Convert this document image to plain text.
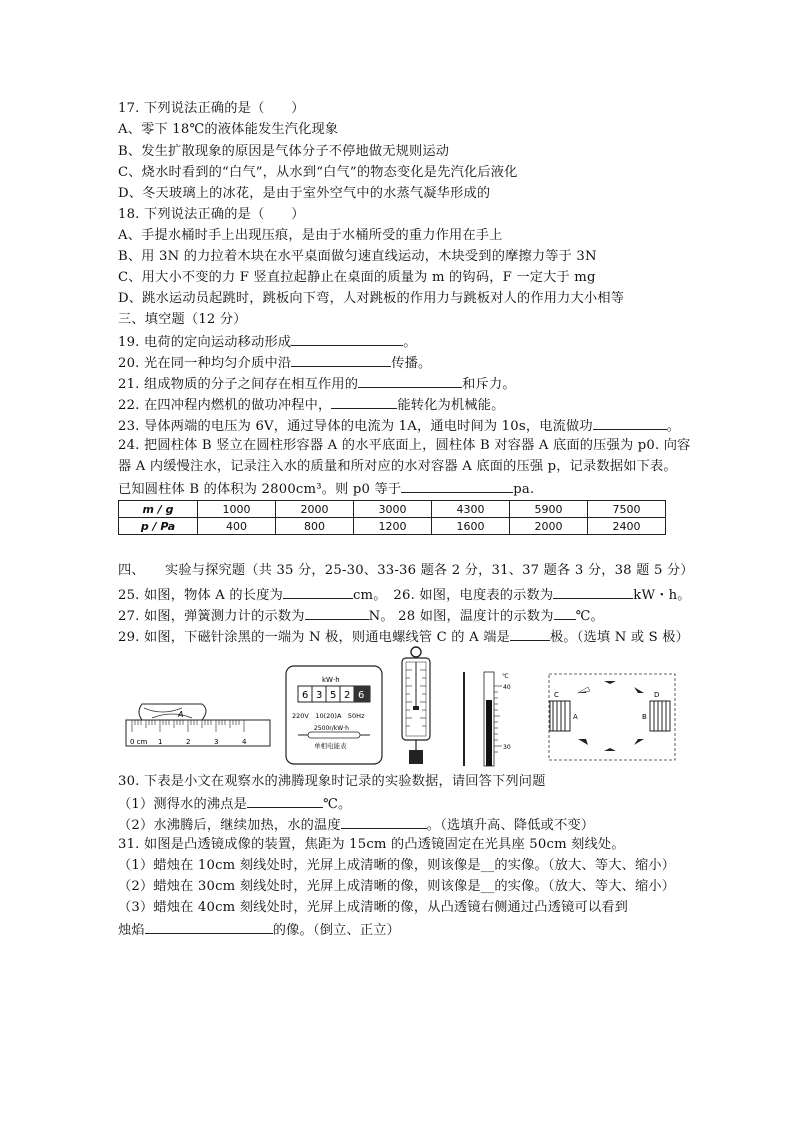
17. 下列说法正确的是（　　）
A、零下 18℃的液体能发生汽化现象
B、发生扩散现象的原因是气体分子不停地做无规则运动
C、烧水时看到的“白气”，从水到“白气”的物态变化是先汽化后液化
D、冬天玻璃上的冰花，是由于室外空气中的水蒸气凝华形成的
18. 下列说法正确的是（　　）
A、手提水桶时手上出现压痕，是由于水桶所受的重力作用在手上
B、用 3N 的力拉着木块在水平桌面做匀速直线运动，木块受到的摩擦力等于 3N
C、用大小不变的力 F 竖直拉起静止在桌面的质量为 m 的钩码，F 一定大于 mg
D、跳水运动员起跳时，跳板向下弯，人对跳板的作用力与跳板对人的作用力大小相等
三、填空题（12 分）
19. 电荷的定向运动移动形成	。
20. 光在同一种均匀介质中沿	传播。
21. 组成物质的分子之间存在相互作用的	和斥力。
22. 在四冲程内燃机的做功冲程中，	能转化为机械能。
23. 导体两端的电压为 6V，通过导体的电流为 1A，通电时间为 10s，电流做功	。
24. 把圆柱体 B 竖立在圆柱形容器 A 的水平底面上，圆柱体 B 对容器 A 底面的压强为 p0. 向容
器 A 内缓慢注水，记录注入水的质量和所对应的水对容器 A 底面的压强 p，记录数据如下表。
已知圆柱体 B 的体积为 2800cm³。则 p0 等于	pa.
m / g	1000	2000	3000	4300	5900	7500
p / Pa	400	800	1200	1600	2000	2400
四、　　实验与探究题（共 35 分，25-30、33-36 题各 2 分，31、37 题各 3 分，38 题 5 分）
25. 如图，物体 A 的长度为	cm。　26. 如图，电度表的示数为	kW・h。
27. 如图，弹簧测力计的示数为	N。 28 如图，温度计的示数为 ℃。
29. 如图，下磁针涂黑的一端为 N 极，则通电螺线管 C 的 A 端是	极。（选填 N 或 S 极）
A
0 cm 1	2	3	4
kW·h
6 3 5 2 6
220V　10(20)A　50Hz
2500r/kW·h
单相电能表
℃
40
30
C	D
A	B
30. 下表是小文在观察水的沸腾现象时记录的实验数据，请回答下列问题
（1）测得水的沸点是	℃。
（2）水沸腾后，继续加热，水的温度	。（选填升高、降低或不变）
31. 如图是凸透镜成像的装置，焦距为 15cm 的凸透镜固定在光具座 50cm 刻线处。
（1）蜡烛在 10cm 刻线处时，光屏上成清晰的像，则该像是__的实像。（放大、等大、缩小）
（2）蜡烛在 30cm 刻线处时，光屏上成清晰的像，则该像是__的实像。（放大、等大、缩小）
（3）蜡烛在 40cm 刻线处时，光屏上成清晰的像，从凸透镜右侧通过凸透镜可以看到
烛焰	的像。（倒立、正立）
